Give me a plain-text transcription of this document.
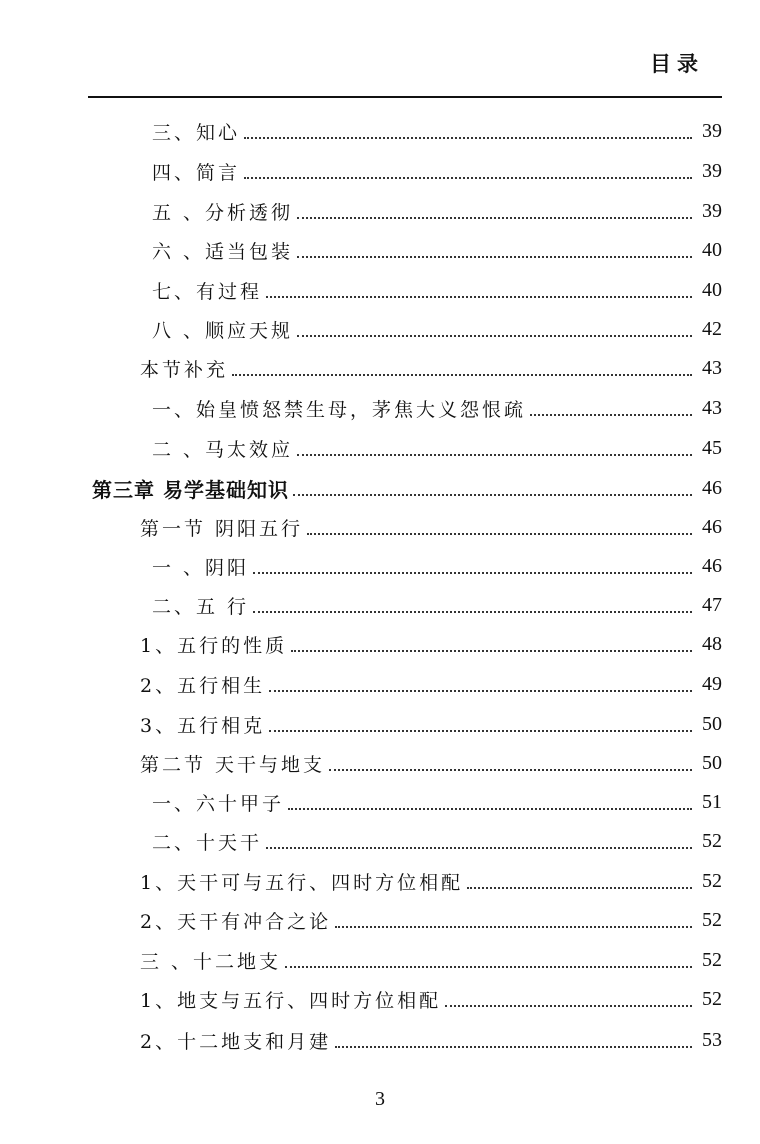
目录
三、知心	39
四、简言	39
五 、分析透彻	39
六 、适当包装	40
七、有过程	40
八 、顺应天规	42
本节补充	43
一、始皇愤怒禁生母，茅焦大义怨恨疏	43
二 、马太效应	45
第三章 易学基础知识	46
第一节 阴阳五行	46
一 、阴阳	46
二、五 行	47
1、五行的性质	48
2、五行相生	49
3、五行相克	50
第二节 天干与地支	50
一、六十甲子	51
二、十天干	52
1、天干可与五行、四时方位相配	52
2、天干有冲合之论	52
三 、十二地支	52
1、地支与五行、四时方位相配	52
2、十二地支和月建	53
3
